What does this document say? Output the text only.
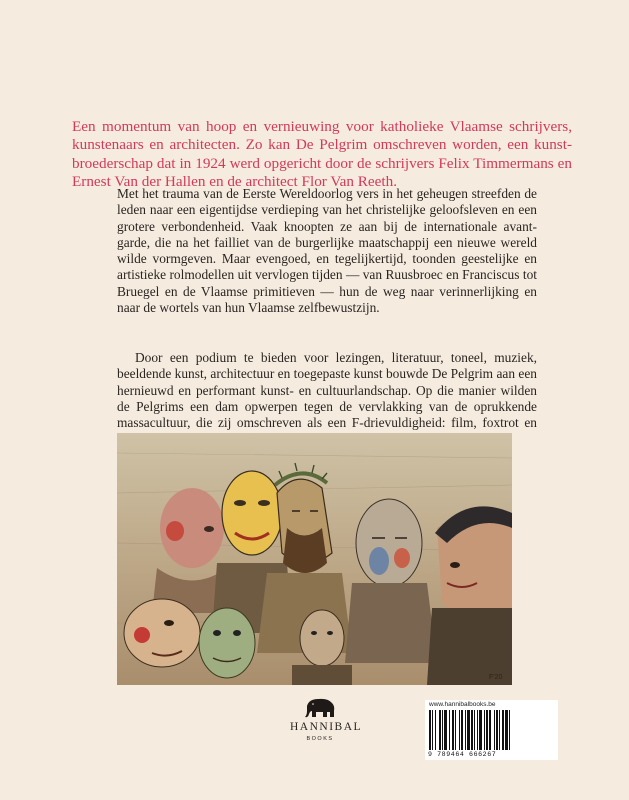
Een momentum van hoop en vernieuwing voor katholieke Vlaamse schrijvers, kunstenaars en architecten. Zo kan De Pelgrim omschreven worden, een kunstbroederschap dat in 1924 werd opgericht door de schrijvers Felix Timmermans en Ernest Van der Hallen en de architect Flor Van Reeth.

Met het trauma van de Eerste Wereldoorlog vers in het geheugen streefden de leden naar een eigentijdse verdieping van het christelijke geloofsleven en een grotere verbondenheid. Vaak knoopten ze aan bij de internationale avant-garde, die na het failliet van de burgerlijke maatschappij een nieuwe wereld wilde vormgeven. Maar evengoed, en tegelijkertijd, toonden geestelijke en artistieke rolmodellen uit vervlogen tijden — van Ruusbroec en Franciscus tot Bruegel en de Vlaamse primitieven — hun de weg naar verinnerlijking en naar de wortels van hun Vlaamse zelfbewustzijn.

Door een podium te bieden voor lezingen, literatuur, toneel, muziek, beeldende kunst, architectuur en toegepaste kunst bouwde De Pelgrim aan een hernieuwd en performant kunst- en cultuurlandschap. Op die manier wilden de Pelgrims een dam opwerpen tegen de vervlakking van de oprukkende massacultuur, die zij omschreven als een F-drievuldigheid: film, foxtrot en

F'20
HANNIBAL
BOOKS
www.hannibalbooks.be
9 789464 666267
